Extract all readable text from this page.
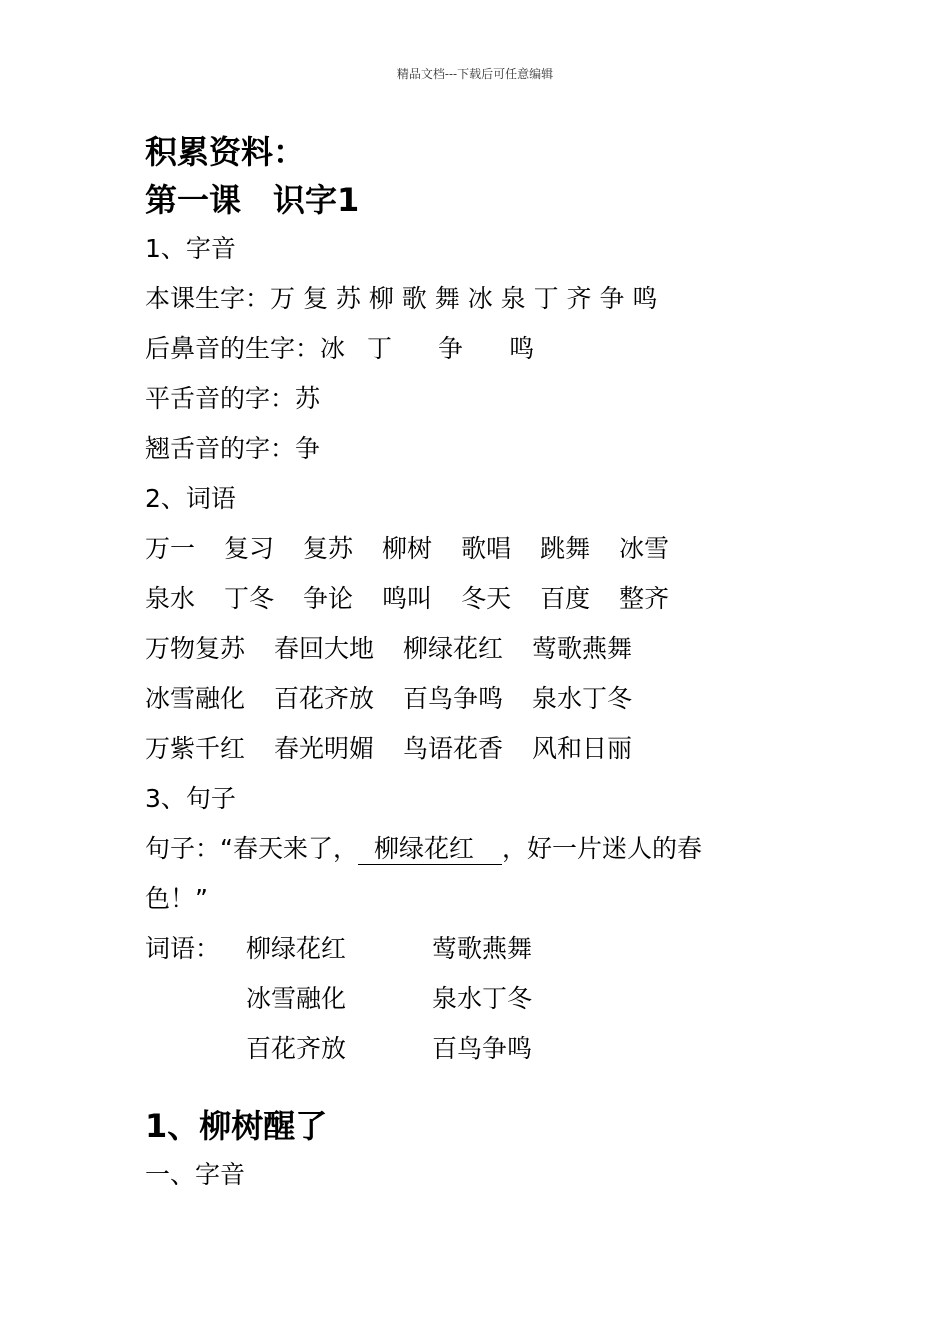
精品文档---下载后可任意编辑
积累资料：
第一课　识字1
1、字音
本课生字：万 复 苏 柳 歌 舞 冰 泉 丁 齐 争 鸣
后鼻音的生字：冰 丁 争 鸣
平舌音的字：苏
翘舌音的字：争
2、词语
万一 复习 复苏 柳树 歌唱 跳舞 冰雪
泉水 丁冬 争论 鸣叫 冬天 百度 整齐
万物复苏 春回大地 柳绿花红 莺歌燕舞
冰雪融化 百花齐放 百鸟争鸣 泉水丁冬
万紫千红 春光明媚 鸟语花香 风和日丽
3、句子
句子：“春天来了， 柳绿花红 ，好一片迷人的春
色！”
词语： 柳绿花红	莺歌燕舞
冰雪融化	泉水丁冬
百花齐放	百鸟争鸣
1、柳树醒了
一、字音
